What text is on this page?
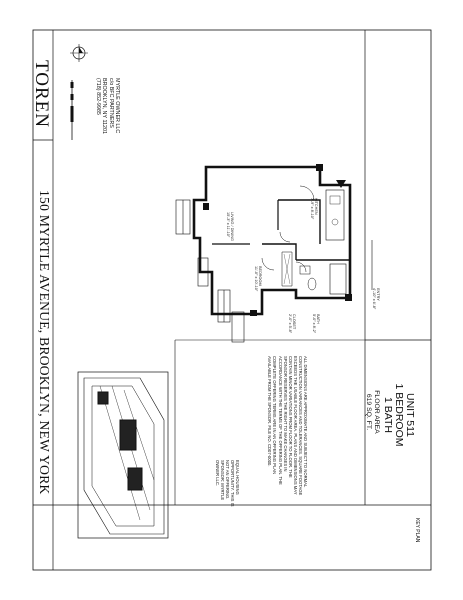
TOREN
150 MYRTLE AVENUE, BROOKLYN, NEW YORK
MYRTLE OWNER LLC
c/o BFC PARTNERS
BROOKLYN, NY 11201
(718) 852-9985
LIVING / DINING
15'-3" x 11'-10"
BEDROOM
11'-0" x 10'-10"
KITCHEN
7'-9" x 8'-10"
BATH
5'-0" x 8'-2"
CLOSET
2'-0" x 5'-8"
ENTRY
4'-10" x 6'-8"
ALL DIMENSIONS ARE APPROXIMATE AND SUBJECT TO NORMAL CONSTRUCTION VARIANCES AND TOLERANCES. SQUARE FOOTAGE EXCEEDS THE USABLE FLOOR AREA. PLANS AND DIMENSIONS MAY CONTAIN MINOR VARIATIONS FROM FLOOR TO FLOOR. THE SPONSOR RESERVES THE RIGHT TO MAKE CHANGES IN ACCORDANCE WITH THE TERMS OF THE OFFERING PLAN. THE COMPLETE OFFERING TERMS ARE IN AN OFFERING PLAN AVAILABLE FROM THE SPONSOR. FILE NO. CD07-0000.
EQUAL HOUSING OPPORTUNITY. THIS IS NOT AN OFFERING. SPONSOR: MYRTLE OWNER LLC.
UNIT 511
1 BEDROOM
1 BATH
FLOOR AREA
619 SQ. FT.
KEY PLAN
